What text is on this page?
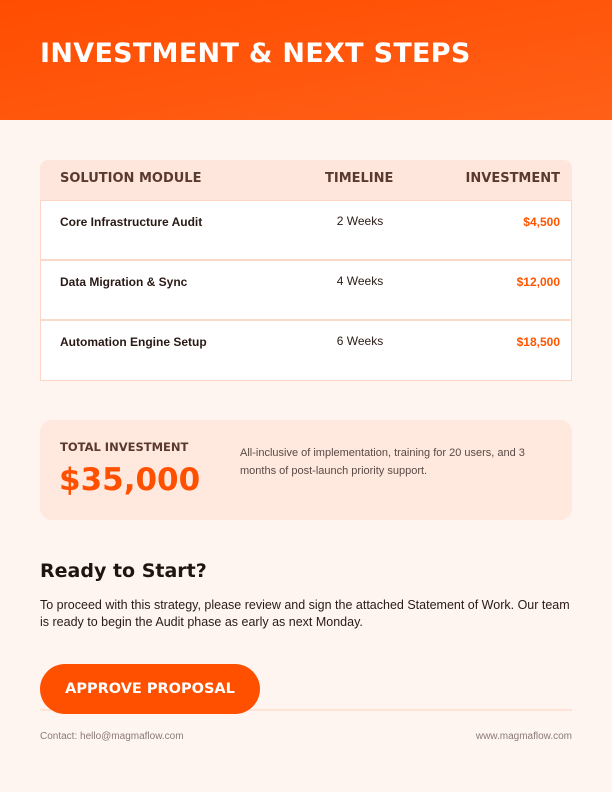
INVESTMENT & NEXT STEPS
SOLUTION MODULE	TIMELINE	INVESTMENT
Core Infrastructure Audit	2 Weeks	$4,500
Data Migration & Sync	4 Weeks	$12,000
Automation Engine Setup	6 Weeks	$18,500
TOTAL INVESTMENT
$35,000

All-inclusive of implementation, training for 20 users, and 3 months of post-launch priority support.

Ready to Start?

To proceed with this strategy, please review and sign the attached Statement of Work. Our team is ready to begin the Audit phase as early as next Monday.

APPROVE PROPOSAL
Contact: hello@magmaflow.com	www.magmaflow.com
